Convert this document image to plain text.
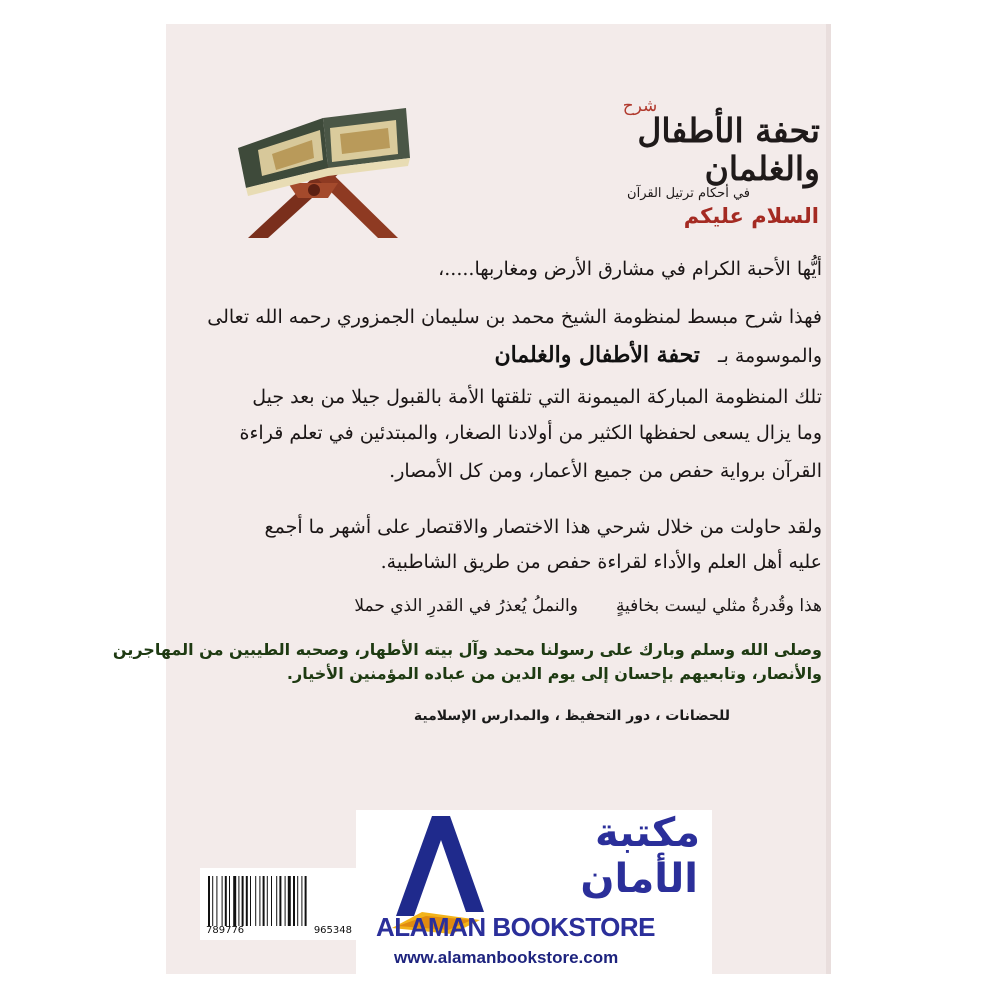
شرح
تحفة الأطفال والغلمان
في أحكام ترتيل القرآن
السلام عليكم
أيُّها الأحبة الكرام في مشارق الأرض ومغاربها.....،
فهذا شرح مبسط لمنظومة الشيخ محمد بن سليمان الجمزوري رحمه الله تعالى
والموسومة بـ تحفة الأطفال والغلمان
تلك المنظومة المباركة الميمونة التي تلقتها الأمة بالقبول جيلا من بعد جيل
وما يزال يسعى لحفظها الكثير من أولادنا الصغار، والمبتدئين في تعلم قراءة
القرآن برواية حفص من جميع الأعمار، ومن كل الأمصار.
ولقد حاولت من خلال شرحي هذا الاختصار والاقتصار على أشهر ما أجمع
عليه أهل العلم والأداء لقراءة حفص من طريق الشاطبية.
هذا وقُدرةُ مثلي ليست بخافيةٍوالنملُ يُعذرُ في القدرِ الذي حملا
وصلى الله وسلم وبارك على رسولنا محمد وآل بيته الأطهار، وصحبه الطيبين من المهاجرين
والأنصار، وتابعيهم بإحسان إلى يوم الدين من عباده المؤمنين الأخيار.
للحضانات ، دور التحفيظ ، والمدارس الإسلامية
789776	965348
مكتبة
الأمان
ALAMAN BOOKSTORE
www.alamanbookstore.com
